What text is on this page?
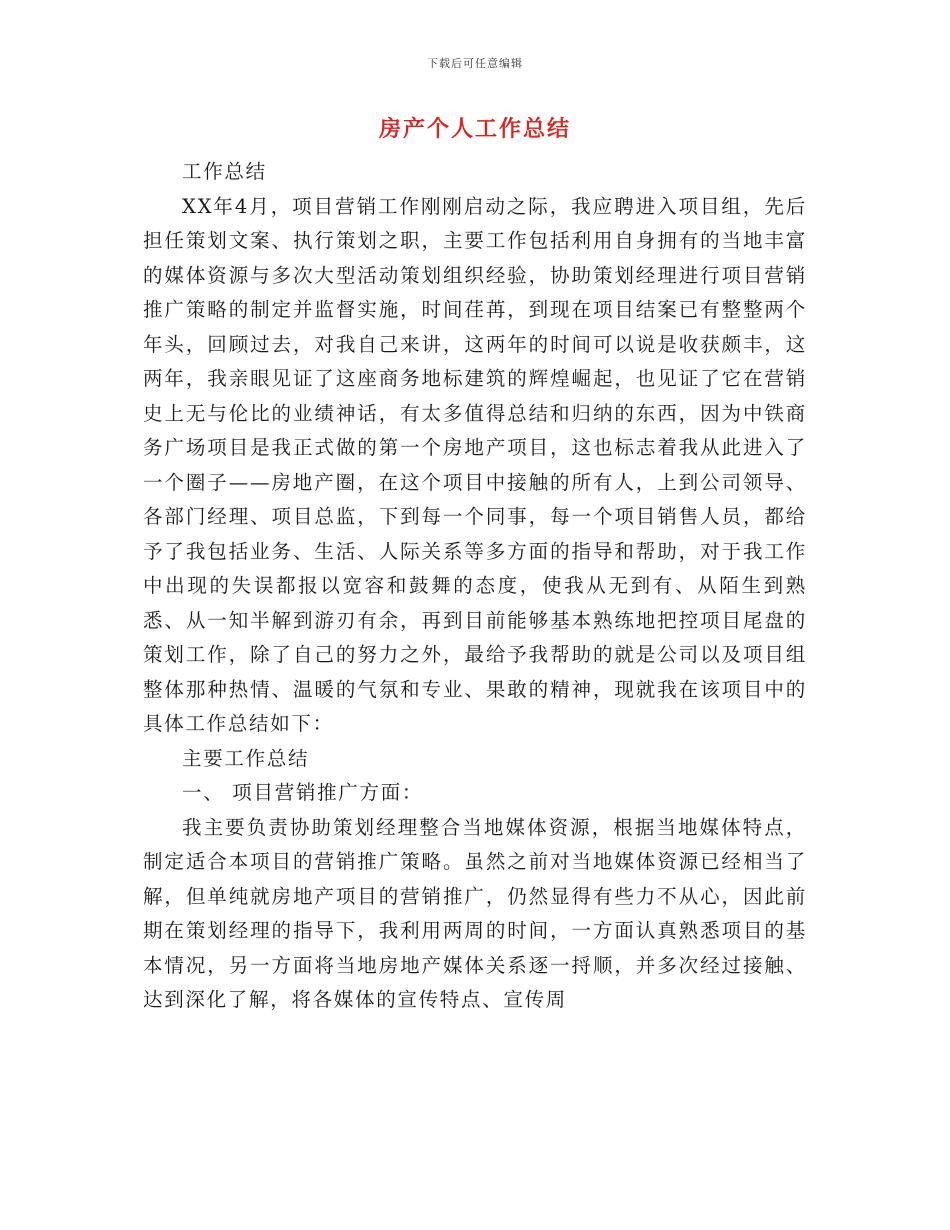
下载后可任意编辑
房产个人工作总结

工作总结

XX年4月，项目营销工作刚刚启动之际，我应聘进入项目组，先后担任策划文案、执行策划之职，主要工作包括利用自身拥有的当地丰富的媒体资源与多次大型活动策划组织经验，协助策划经理进行项目营销推广策略的制定并监督实施，时间荏苒，到现在项目结案已有整整两个年头，回顾过去，对我自己来讲，这两年的时间可以说是收获颇丰，这两年，我亲眼见证了这座商务地标建筑的辉煌崛起，也见证了它在营销史上无与伦比的业绩神话，有太多值得总结和归纳的东西，因为中铁商务广场项目是我正式做的第一个房地产项目，这也标志着我从此进入了一个圈子——房地产圈，在这个项目中接触的所有人，上到公司领导、各部门经理、项目总监，下到每一个同事，每一个项目销售人员，都给予了我包括业务、生活、人际关系等多方面的指导和帮助，对于我工作中出现的失误都报以宽容和鼓舞的态度，使我从无到有、从陌生到熟悉、从一知半解到游刃有余，再到目前能够基本熟练地把控项目尾盘的策划工作，除了自己的努力之外，最给予我帮助的就是公司以及项目组整体那种热情、温暖的气氛和专业、果敢的精神，现就我在该项目中的具体工作总结如下：

主要工作总结

一、 项目营销推广方面：

我主要负责协助策划经理整合当地媒体资源，根据当地媒体特点，制定适合本项目的营销推广策略。虽然之前对当地媒体资源已经相当了解，但单纯就房地产项目的营销推广，仍然显得有些力不从心，因此前期在策划经理的指导下，我利用两周的时间，一方面认真熟悉项目的基本情况，另一方面将当地房地产媒体关系逐一捋顺，并多次经过接触、达到深化了解，将各媒体的宣传特点、宣传周
